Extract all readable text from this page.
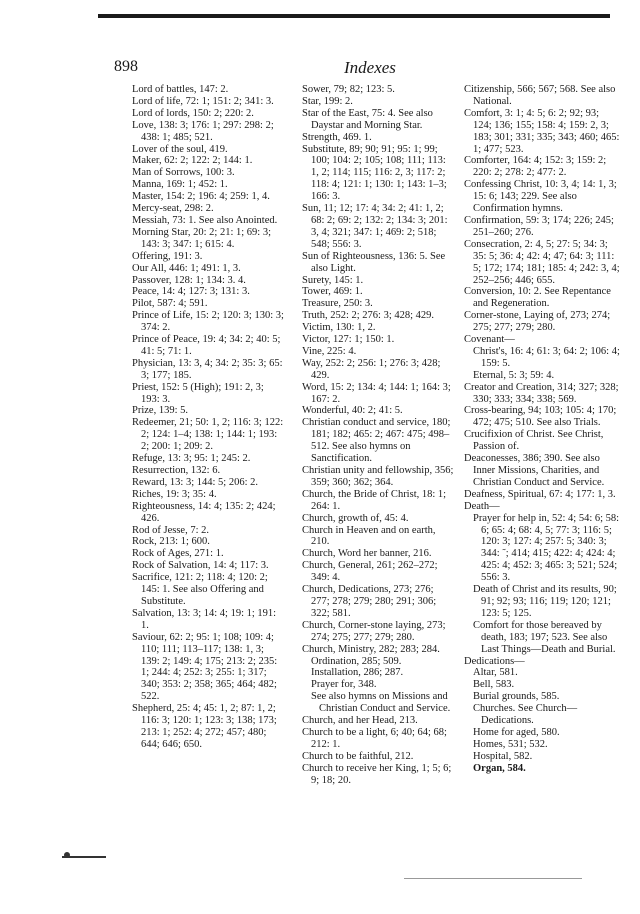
898	Indexes
Lord of battles, 147: 2.
Lord of life, 72: 1; 151: 2; 341: 3.
Lord of lords, 150: 2; 220: 2.
Love, 138: 3; 176: 1; 297: 298: 2; 438: 1; 485; 521.
Lover of the soul, 419.
Maker, 62: 2; 122: 2; 144: 1.
Man of Sorrows, 100: 3.
Manna, 169: 1; 452: 1.
Master, 154: 2; 196: 4; 259: 1, 4.
Mercy-seat, 298: 2.
Messiah, 73: 1. See also Anointed.
Morning Star, 20: 2; 21: 1; 69: 3; 143: 3; 347: 1; 615: 4.
Offering, 191: 3.
Our All, 446: 1; 491: 1, 3.
Passover, 128: 1; 134: 3. 4.
Peace, 14: 4; 127: 3; 131: 3.
Pilot, 587: 4; 591.
Prince of Life, 15: 2; 120: 3; 130: 3; 374: 2.
Prince of Peace, 19: 4; 34: 2; 40: 5; 41: 5; 71: 1.
Physician, 13: 3, 4; 34: 2; 35: 3; 65: 3; 177; 185.
Priest, 152: 5 (High); 191: 2, 3; 193: 3.
Prize, 139: 5.
Redeemer, 21; 50: 1, 2; 116: 3; 122: 2; 124: 1–4; 138: 1; 144: 1; 193: 2; 200: 1; 209: 2.
Refuge, 13: 3; 95: 1; 245: 2.
Resurrection, 132: 6.
Reward, 13: 3; 144: 5; 206: 2.
Riches, 19: 3; 35: 4.
Righteousness, 14: 4; 135: 2; 424; 426.
Rod of Jesse, 7: 2.
Rock, 213: 1; 600.
Rock of Ages, 271: 1.
Rock of Salvation, 14: 4; 117: 3.
Sacrifice, 121: 2; 118: 4; 120: 2; 145: 1. See also Offering and Substitute.
Salvation, 13: 3; 14: 4; 19: 1; 191: 1.
Saviour, 62: 2; 95: 1; 108; 109: 4; 110; 111; 113–117; 138: 1, 3; 139: 2; 149: 4; 175; 213: 2; 235: 1; 244: 4; 252: 3; 255: 1; 317; 340; 353: 2; 358; 365; 464; 482; 522.
Shepherd, 25: 4; 45: 1, 2; 87: 1, 2; 116: 3; 120: 1; 123: 3; 138; 173; 213: 1; 252: 4; 272; 457; 480; 644; 646; 650.
Sower, 79; 82; 123: 5.
Star, 199: 2.
Star of the East, 75: 4. See also Daystar and Morning Star.
Strength, 469. 1.
Substitute, 89; 90; 91; 95: 1; 99; 100; 104: 2; 105; 108; 111; 113: 1, 2; 114; 115; 116: 2, 3; 117: 2; 118: 4; 121: 1; 130: 1; 143: 1–3; 166: 3.
Sun, 11; 12; 17: 4; 34: 2; 41: 1, 2; 68: 2; 69: 2; 132: 2; 134: 3; 201: 3, 4; 321; 347: 1; 469: 2; 518; 548; 556: 3.
Sun of Righteousness, 136: 5. See also Light.
Surety, 145: 1.
Tower, 469: 1.
Treasure, 250: 3.
Truth, 252: 2; 276: 3; 428; 429.
Victim, 130: 1, 2.
Victor, 127: 1; 150: 1.
Vine, 225: 4.
Way, 252: 2; 256: 1; 276: 3; 428; 429.
Word, 15: 2; 134: 4; 144: 1; 164: 3; 167: 2.
Wonderful, 40: 2; 41: 5.
Christian conduct and service, 180; 181; 182; 465: 2; 467: 475; 498–512. See also hymns on Sanctification.
Christian unity and fellowship, 356; 359; 360; 362; 364.
Church, the Bride of Christ, 18: 1; 264: 1.
Church, growth of, 45: 4.
Church in Heaven and on earth, 210.
Church, Word her banner, 216.
Church, General, 261; 262–272; 349: 4.
Church, Dedications, 273; 276; 277; 278; 279; 280; 291; 306; 322; 581.
Church, Corner-stone laying, 273; 274; 275; 277; 279; 280.
Church, Ministry, 282; 283; 284.
Ordination, 285; 509.
Installation, 286; 287.
Prayer for, 348.
See also hymns on Missions and Christian Conduct and Service.
Church, and her Head, 213.
Church to be a light, 6; 40; 64; 68; 212: 1.
Church to be faithful, 212.
Church to receive her King, 1; 5; 6; 9; 18; 20.
Citizenship, 566; 567; 568. See also National.
Comfort, 3: 1; 4: 5; 6: 2; 92; 93; 124; 136; 155; 158: 4; 159: 2, 3; 183; 301; 331; 335; 343; 460; 465: 1; 477; 523.
Comforter, 164: 4; 152: 3; 159: 2; 220: 2; 278: 2; 477: 2.
Confessing Christ, 10: 3, 4; 14: 1, 3; 15: 6; 143; 229. See also Confirmation hymns.
Confirmation, 59: 3; 174; 226; 245; 251–260; 276.
Consecration, 2: 4, 5; 27: 5; 34: 3; 35: 5; 36: 4; 42: 4; 47; 64: 3; 111: 5; 172; 174; 181; 185: 4; 242: 3, 4; 252–256; 446; 655.
Conversion, 10: 2. See Repentance and Regeneration.
Corner-stone, Laying of, 273; 274; 275; 277; 279; 280.
Covenant—
Christ's, 16: 4; 61: 3; 64: 2; 106: 4; 159: 5.
Eternal, 5: 3; 59: 4.
Creator and Creation, 314; 327; 328; 330; 333; 334; 338; 569.
Cross-bearing, 94; 103; 105: 4; 170; 472; 475; 510. See also Trials.
Crucifixion of Christ. See Christ, Passion of.
Deaconesses, 386; 390. See also Inner Missions, Charities, and Christian Conduct and Service.
Deafness, Spiritual, 67: 4; 177: 1, 3.
Death—
Prayer for help in, 52: 4; 54: 6; 58: 6; 65: 4; 68: 4, 5; 77: 3; 116: 5; 120: 3; 127: 4; 257: 5; 340: 3; 344: ˜; 414; 415; 422: 4; 424: 4; 425: 4; 452: 3; 465: 3; 521; 524; 556: 3.
Death of Christ and its results, 90; 91; 92; 93; 116; 119; 120; 121; 123: 5; 125.
Comfort for those bereaved by death, 183; 197; 523. See also Last Things—Death and Burial.
Dedications—
Altar, 581.
Bell, 583.
Burial grounds, 585.
Churches. See Church—Dedications.
Home for aged, 580.
Homes, 531; 532.
Hospital, 582.
Organ, 584.
